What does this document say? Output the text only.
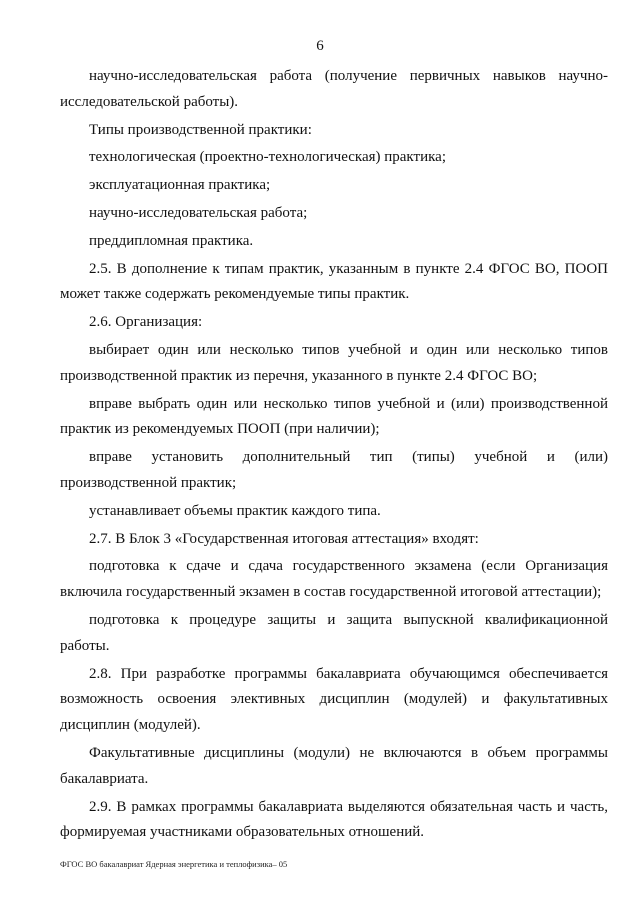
6

научно-исследовательская работа (получение первичных навыков научно-исследовательской работы).

Типы производственной практики:

технологическая (проектно-технологическая) практика;

эксплуатационная практика;

научно-исследовательская работа;

преддипломная практика.

2.5. В дополнение к типам практик, указанным в пункте 2.4 ФГОС ВО, ПООП может также содержать рекомендуемые типы практик.

2.6. Организация:

выбирает один или несколько типов учебной и один или несколько типов производственной практик из перечня, указанного в пункте 2.4 ФГОС ВО;

вправе выбрать один или несколько типов учебной и (или) производственной практик из рекомендуемых ПООП (при наличии);

вправе установить дополнительный тип (типы) учебной и (или) производственной практик;

устанавливает объемы практик каждого типа.

2.7. В Блок 3 «Государственная итоговая аттестация» входят:

подготовка к сдаче и сдача государственного экзамена (если Организация включила государственный экзамен в состав государственной итоговой аттестации);

подготовка к процедуре защиты и защита выпускной квалификационной работы.

2.8. При разработке программы бакалавриата обучающимся обеспечивается возможность освоения элективных дисциплин (модулей) и факультативных дисциплин (модулей).

Факультативные дисциплины (модули) не включаются в объем программы бакалавриата.

2.9. В рамках программы бакалавриата выделяются обязательная часть и часть, формируемая участниками образовательных отношений.

ФГОС ВО бакалавриат Ядерная энергетика и теплофизика– 05
